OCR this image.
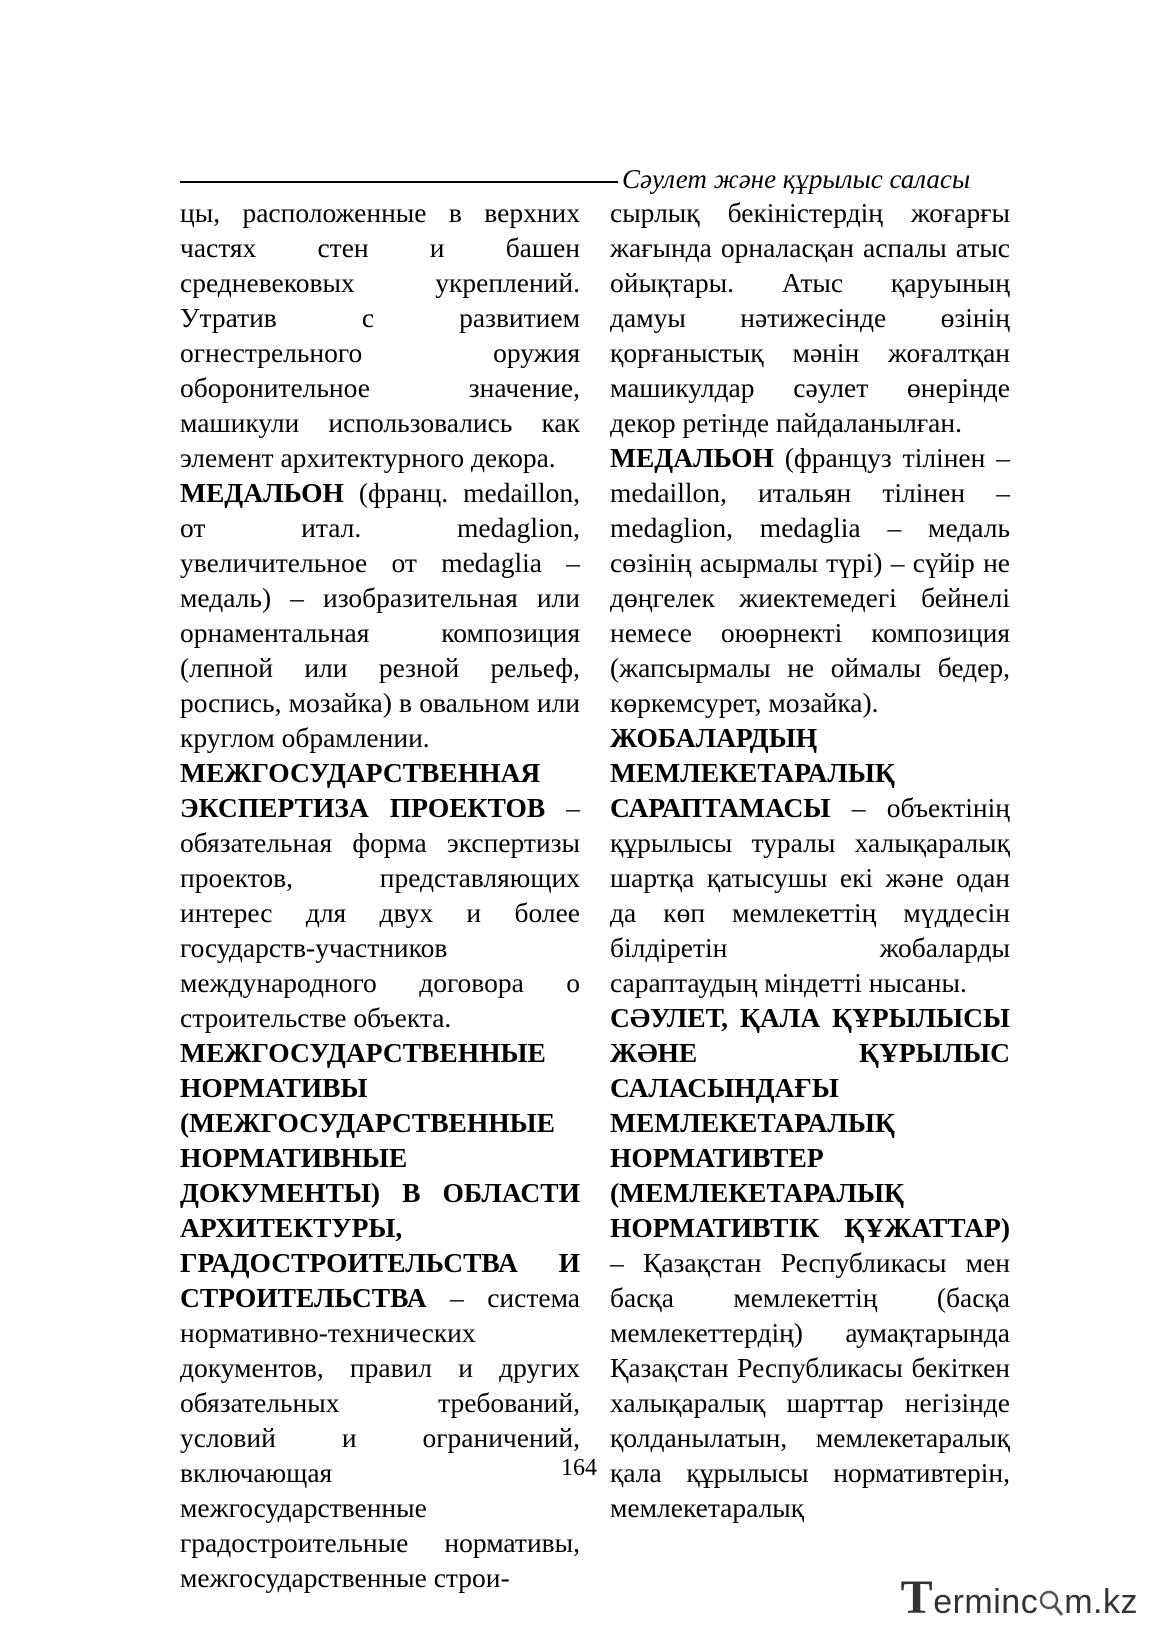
Сәулет және құрылыс саласы

цы, расположенные в верхних частях стен и башен средневековых укреплений. Утратив с развитием огнестрельного оружия оборонительное значение, машикули использовались как элемент архитектурного декора.

МЕДАЛЬОН (франц. medaillon, от итал. medaglion, увеличительное от medaglia – медаль) – изобразительная или орнаментальная композиция (лепной или резной рельеф, роспись, мозайка) в овальном или круглом обрамлении.

МЕЖГОСУДАРСТВЕННАЯ ЭКСПЕРТИЗА ПРОЕКТОВ – обязательная форма экспертизы проектов, представляющих интерес для двух и более государств-участников международного договора о строительстве объекта.

МЕЖГОСУДАРСТВЕННЫЕ НОРМАТИВЫ (МЕЖГОСУДАРСТВЕННЫЕ НОРМАТИВНЫЕ ДОКУМЕНТЫ) В ОБЛАСТИ АРХИТЕКТУРЫ, ГРАДОСТРОИТЕЛЬСТВА И СТРОИТЕЛЬСТВА – система нормативно-технических документов, правил и других обязательных требований, условий и ограничений, включающая межгосударственные градостроительные нормативы, межгосударственные строи-

сырлық бекіністердің жоғарғы жағында орналасқан аспалы атыс ойықтары. Атыс қаруының дамуы нәтижесінде өзінің қорғаныстық мәнін жоғалтқан машикулдар сәулет өнерінде декор ретінде пайдаланылған.

МЕДАЛЬОН (француз тілінен – medaillon, итальян тілінен – medaglion, medaglia – медаль сөзінің асырмалы түрі) – сүйір не дөңгелек жиектемедегі бейнелі немесе оюөрнекті композиция (жапсырмалы не оймалы бедер, көркемсурет, мозайка).

ЖОБАЛАРДЫҢ МЕМЛЕКЕТАРАЛЫҚ САРАПТАМАСЫ – объектінің құрылысы туралы халықаралық шартқа қатысушы екі және одан да көп мемлекеттің мүддесін білдіретін жобаларды сараптаудың міндетті нысаны.

СӘУЛЕТ, ҚАЛА ҚҰРЫЛЫСЫ ЖӘНЕ ҚҰРЫЛЫС САЛАСЫНДАҒЫ МЕМЛЕКЕТАРАЛЫҚ НОРМАТИВТЕР (МЕМЛЕКЕТАРАЛЫҚ НОРМАТИВТІК ҚҰЖАТТАР) – Қазақстан Республикасы мен басқа мемлекеттің (басқа мемлекеттердің) аумақтарында Қазақстан Республикасы бекіткен халықаралық шарттар негізінде қолданылатын, мемлекетаралық қала құрылысы нормативтерін, мемлекетаралық

164
Terminc m.kz
